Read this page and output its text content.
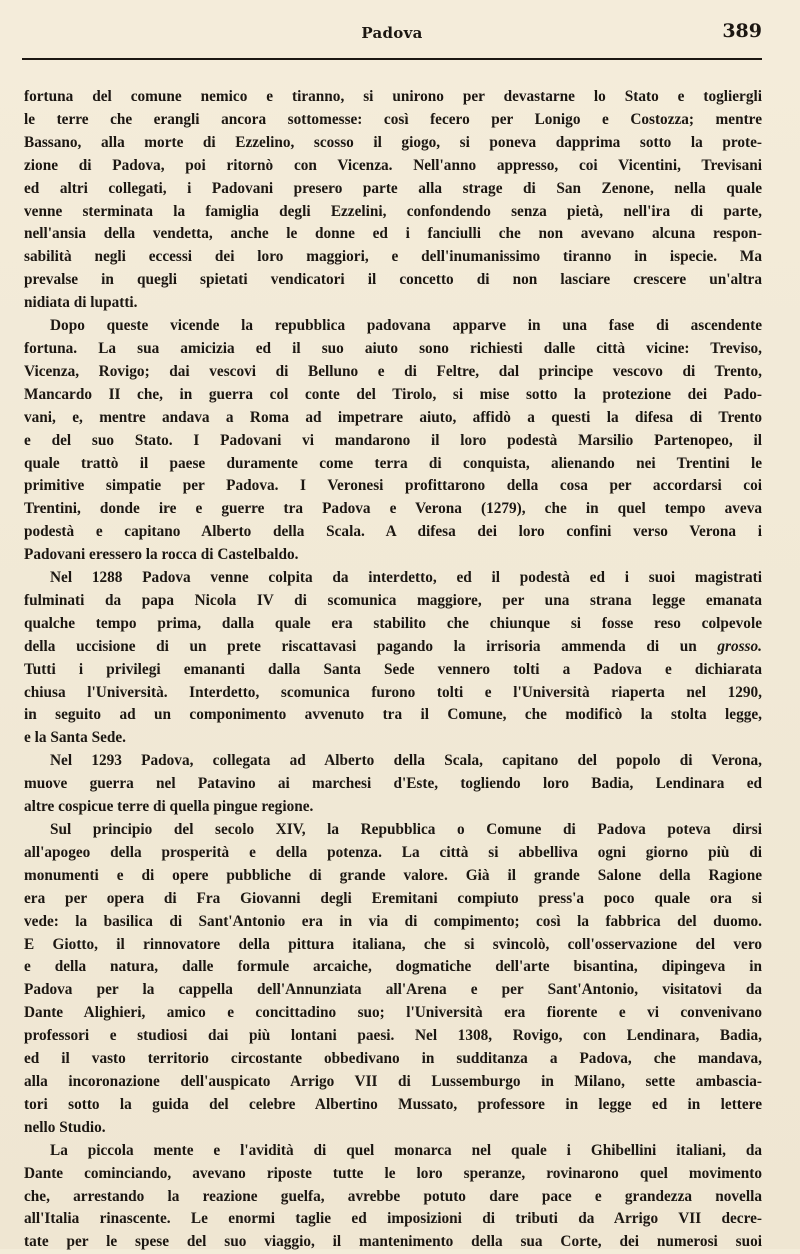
Padova	389
fortuna del comune nemico e tiranno, si unirono per devastarne lo Stato e togliergli
le terre che erangli ancora sottomesse: così fecero per Lonigo e Costozza; mentre
Bassano, alla morte di Ezzelino, scosso il giogo, si poneva dapprima sotto la prote-
zione di Padova, poi ritornò con Vicenza. Nell'anno appresso, coi Vicentini, Trevisani
ed altri collegati, i Padovani presero parte alla strage di San Zenone, nella quale
venne sterminata la famiglia degli Ezzelini, confondendo senza pietà, nell'ira di parte,
nell'ansia della vendetta, anche le donne ed i fanciulli che non avevano alcuna respon-
sabilità negli eccessi dei loro maggiori, e dell'inumanissimo tiranno in ispecie. Ma
prevalse in quegli spietati vendicatori il concetto di non lasciare crescere un'altra
nidiata di lupatti.
Dopo queste vicende la repubblica padovana apparve in una fase di ascendente
fortuna. La sua amicizia ed il suo aiuto sono richiesti dalle città vicine: Treviso,
Vicenza, Rovigo; dai vescovi di Belluno e di Feltre, dal principe vescovo di Trento,
Mancardo II che, in guerra col conte del Tirolo, si mise sotto la protezione dei Pado-
vani, e, mentre andava a Roma ad impetrare aiuto, affidò a questi la difesa di Trento
e del suo Stato. I Padovani vi mandarono il loro podestà Marsilio Partenopeo, il
quale trattò il paese duramente come terra di conquista, alienando nei Trentini le
primitive simpatie per Padova. I Veronesi profittarono della cosa per accordarsi coi
Trentini, donde ire e guerre tra Padova e Verona (1279), che in quel tempo aveva
podestà e capitano Alberto della Scala. A difesa dei loro confini verso Verona i
Padovani eressero la rocca di Castelbaldo.
Nel 1288 Padova venne colpita da interdetto, ed il podestà ed i suoi magistrati
fulminati da papa Nicola IV di scomunica maggiore, per una strana legge emanata
qualche tempo prima, dalla quale era stabilito che chiunque si fosse reso colpevole
della uccisione di un prete riscattavasi pagando la irrisoria ammenda di un grosso.
Tutti i privilegi emananti dalla Santa Sede vennero tolti a Padova e dichiarata
chiusa l'Università. Interdetto, scomunica furono tolti e l'Università riaperta nel 1290,
in seguito ad un componimento avvenuto tra il Comune, che modificò la stolta legge,
e la Santa Sede.
Nel 1293 Padova, collegata ad Alberto della Scala, capitano del popolo di Verona,
muove guerra nel Patavino ai marchesi d'Este, togliendo loro Badia, Lendinara ed
altre cospicue terre di quella pingue regione.
Sul principio del secolo XIV, la Repubblica o Comune di Padova poteva dirsi
all'apogeo della prosperità e della potenza. La città si abbelliva ogni giorno più di
monumenti e di opere pubbliche di grande valore. Già il grande Salone della Ragione
era per opera di Fra Giovanni degli Eremitani compiuto press'a poco quale ora si
vede: la basilica di Sant'Antonio era in via di compimento; così la fabbrica del duomo.
E Giotto, il rinnovatore della pittura italiana, che si svincolò, coll'osservazione del vero
e della natura, dalle formule arcaiche, dogmatiche dell'arte bisantina, dipingeva in
Padova per la cappella dell'Annunziata all'Arena e per Sant'Antonio, visitatovi da
Dante Alighieri, amico e concittadino suo; l'Università era fiorente e vi convenivano
professori e studiosi dai più lontani paesi. Nel 1308, Rovigo, con Lendinara, Badia,
ed il vasto territorio circostante obbedivano in sudditanza a Padova, che mandava,
alla incoronazione dell'auspicato Arrigo VII di Lussemburgo in Milano, sette ambascia-
tori sotto la guida del celebre Albertino Mussato, professore in legge ed in lettere
nello Studio.
La piccola mente e l'avidità di quel monarca nel quale i Ghibellini italiani, da
Dante cominciando, avevano riposte tutte le loro speranze, rovinarono quel movimento
che, arrestando la reazione guelfa, avrebbe potuto dare pace e grandezza novella
all'Italia rinascente. Le enormi taglie ed imposizioni di tributi da Arrigo VII decre-
tate per le spese del suo viaggio, il mantenimento della sua Corte, dei numerosi suoi
